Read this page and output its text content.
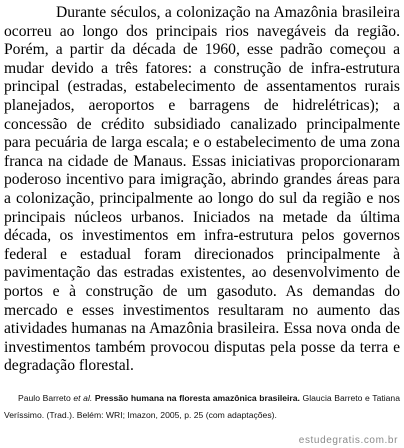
Durante séculos, a colonização na Amazônia brasileira ocorreu ao longo dos principais rios navegáveis da região. Porém, a partir da década de 1960, esse padrão começou a mudar devido a três fatores: a construção de infra-estrutura principal (estradas, estabelecimento de assentamentos rurais planejados, aeroportos e barragens de hidrelétricas); a concessão de crédito subsidiado canalizado principalmente para pecuária de larga escala; e o estabelecimento de uma zona franca na cidade de Manaus. Essas iniciativas proporcionaram poderoso incentivo para imigração, abrindo grandes áreas para a colonização, principalmente ao longo do sul da região e nos principais núcleos urbanos. Iniciados na metade da última década, os investimentos em infra-estrutura pelos governos federal e estadual foram direcionados principalmente à pavimentação das estradas existentes, ao desenvolvimento de portos e à construção de um gasoduto. As demandas do mercado e esses investimentos resultaram no aumento das atividades humanas na Amazônia brasileira. Essa nova onda de investimentos também provocou disputas pela posse da terra e degradação florestal.

Paulo Barreto et al. Pressão humana na floresta amazônica brasileira. Glaucia Barreto e Tatiana Veríssimo. (Trad.). Belém: WRI; Imazon, 2005, p. 25 (com adaptações).

estudegratis.com.br
